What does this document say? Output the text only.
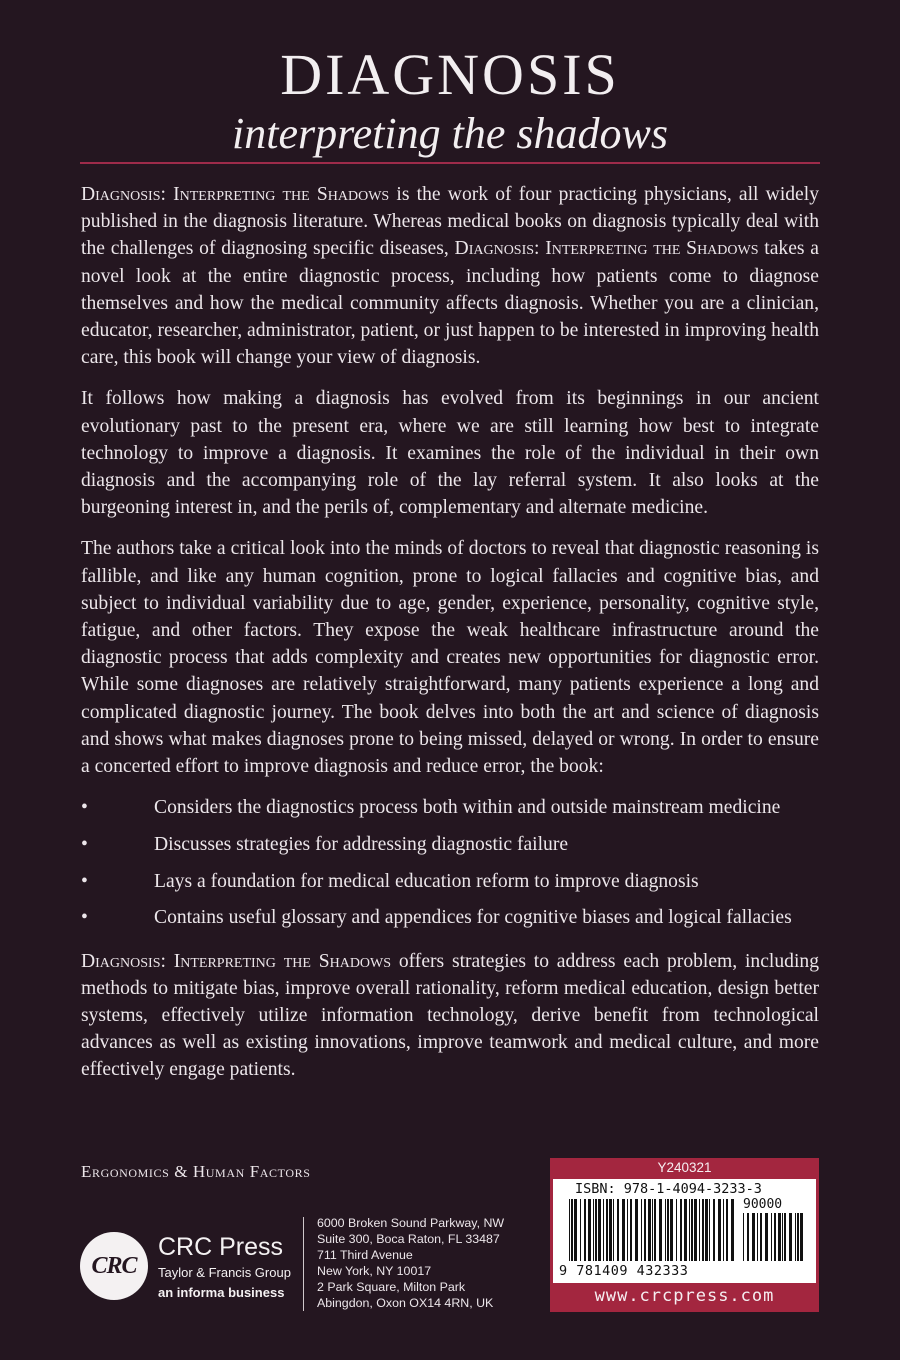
DIAGNOSIS
interpreting the shadows

Diagnosis: Interpreting the Shadows is the work of four practicing physicians, all widely published in the diagnosis literature. Whereas medical books on diagnosis typically deal with the challenges of diagnosing specific diseases, Diagnosis: Interpreting the Shadows takes a novel look at the entire diagnostic process, including how patients come to diagnose themselves and how the medical community affects diagnosis. Whether you are a clinician, educator, researcher, administrator, patient, or just happen to be interested in improving health care, this book will change your view of diagnosis.

It follows how making a diagnosis has evolved from its beginnings in our ancient evolutionary past to the present era, where we are still learning how best to integrate technology to improve a diagnosis. It examines the role of the individual in their own diagnosis and the accompanying role of the lay referral system. It also looks at the burgeoning interest in, and the perils of, complementary and alternate medicine.

The authors take a critical look into the minds of doctors to reveal that diagnostic reasoning is fallible, and like any human cognition, prone to logical fallacies and cognitive bias, and subject to individual variability due to age, gender, experience, personality, cognitive style, fatigue, and other factors. They expose the weak healthcare infrastructure around the diagnostic process that adds complexity and creates new opportunities for diagnostic error. While some diagnoses are relatively straightforward, many patients experience a long and complicated diagnostic journey. The book delves into both the art and science of diagnosis and shows what makes diagnoses prone to being missed, delayed or wrong. In order to ensure a concerted effort to improve diagnosis and reduce error, the book:

•	Considers the diagnostics process both within and outside mainstream medicine
•	Discusses strategies for addressing diagnostic failure
•	Lays a foundation for medical education reform to improve diagnosis
•	Contains useful glossary and appendices for cognitive biases and logical fallacies

Diagnosis: Interpreting the Shadows offers strategies to address each problem, including methods to mitigate bias, improve overall rationality, reform medical education, design better systems, effectively utilize information technology, derive benefit from technological advances as well as existing innovations, improve teamwork and medical culture, and more effectively engage patients.

Ergonomics & Human Factors
CRC
CRC Press
Taylor & Francis Group
an informa business
6000 Broken Sound Parkway, NW
Suite 300, Boca Raton, FL 33487
711 Third Avenue
New York, NY 10017
2 Park Square, Milton Park
Abingdon, Oxon OX14 4RN, UK
Y240321
ISBN: 978-1-4094-3233-3
90000
9 781409 432333
www.crcpress.com
